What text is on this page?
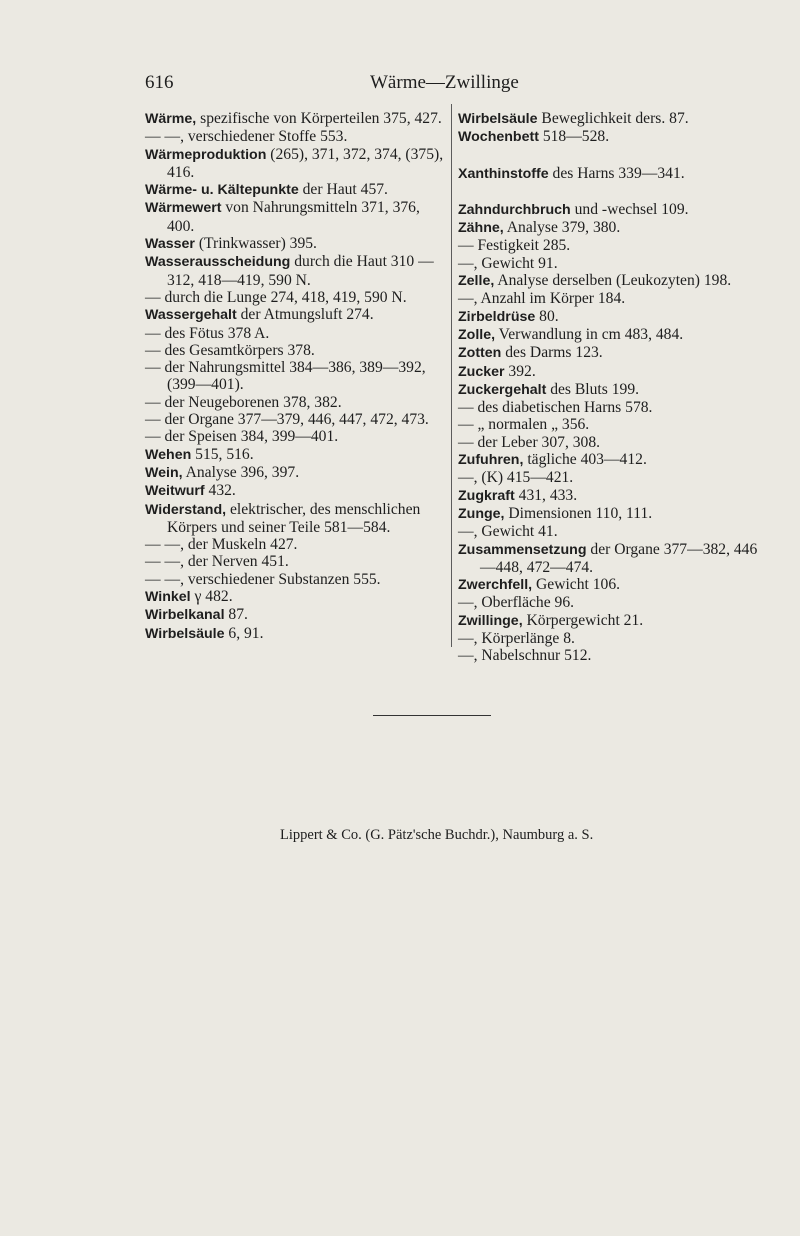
616	Wärme—Zwillinge

Wärme, spezifische von Körperteilen 375, 427.

— —, verschiedener Stoffe 553.

Wärmeproduktion (265), 371, 372, 374, (375), 416.

Wärme- u. Kältepunkte der Haut 457.

Wärmewert von Nahrungsmitteln 371, 376, 400.

Wasser (Trinkwasser) 395.

Wasserausscheidung durch die Haut 310 —312, 418—419, 590 N.

— durch die Lunge 274, 418, 419, 590 N.

Wassergehalt der Atmungsluft 274.

— des Fötus 378 A.

— des Gesamtkörpers 378.

— der Nahrungsmittel 384—386, 389—392, (399—401).

— der Neugeborenen 378, 382.

— der Organe 377—379, 446, 447, 472, 473.

— der Speisen 384, 399—401.

Wehen 515, 516.

Wein, Analyse 396, 397.

Weitwurf 432.

Widerstand, elektrischer, des menschlichen Körpers und seiner Teile 581—584.

— —, der Muskeln 427.

— —, der Nerven 451.

— —, verschiedener Substanzen 555.

Winkel γ 482.

Wirbelkanal 87.

Wirbelsäule 6, 91.

Wirbelsäule Beweglichkeit ders. 87.

Wochenbett 518—528.

Xanthinstoffe des Harns 339—341.

Zahndurchbruch und -wechsel 109.

Zähne, Analyse 379, 380.

— Festigkeit 285.

—, Gewicht 91.

Zelle, Analyse derselben (Leukozyten) 198.

—, Anzahl im Körper 184.

Zirbeldrüse 80.

Zolle, Verwandlung in cm 483, 484.

Zotten des Darms 123.

Zucker 392.

Zuckergehalt des Bluts 199.

— des diabetischen Harns 578.

— „ normalen „ 356.

— der Leber 307, 308.

Zufuhren, tägliche 403—412.

—, (K) 415—421.

Zugkraft 431, 433.

Zunge, Dimensionen 110, 111.

—, Gewicht 41.

Zusammensetzung der Organe 377—382, 446—448, 472—474.

Zwerchfell, Gewicht 106.

—, Oberfläche 96.

Zwillinge, Körpergewicht 21.

—, Körperlänge 8.

—, Nabelschnur 512.

Lippert & Co. (G. Pätz'sche Buchdr.), Naumburg a. S.
